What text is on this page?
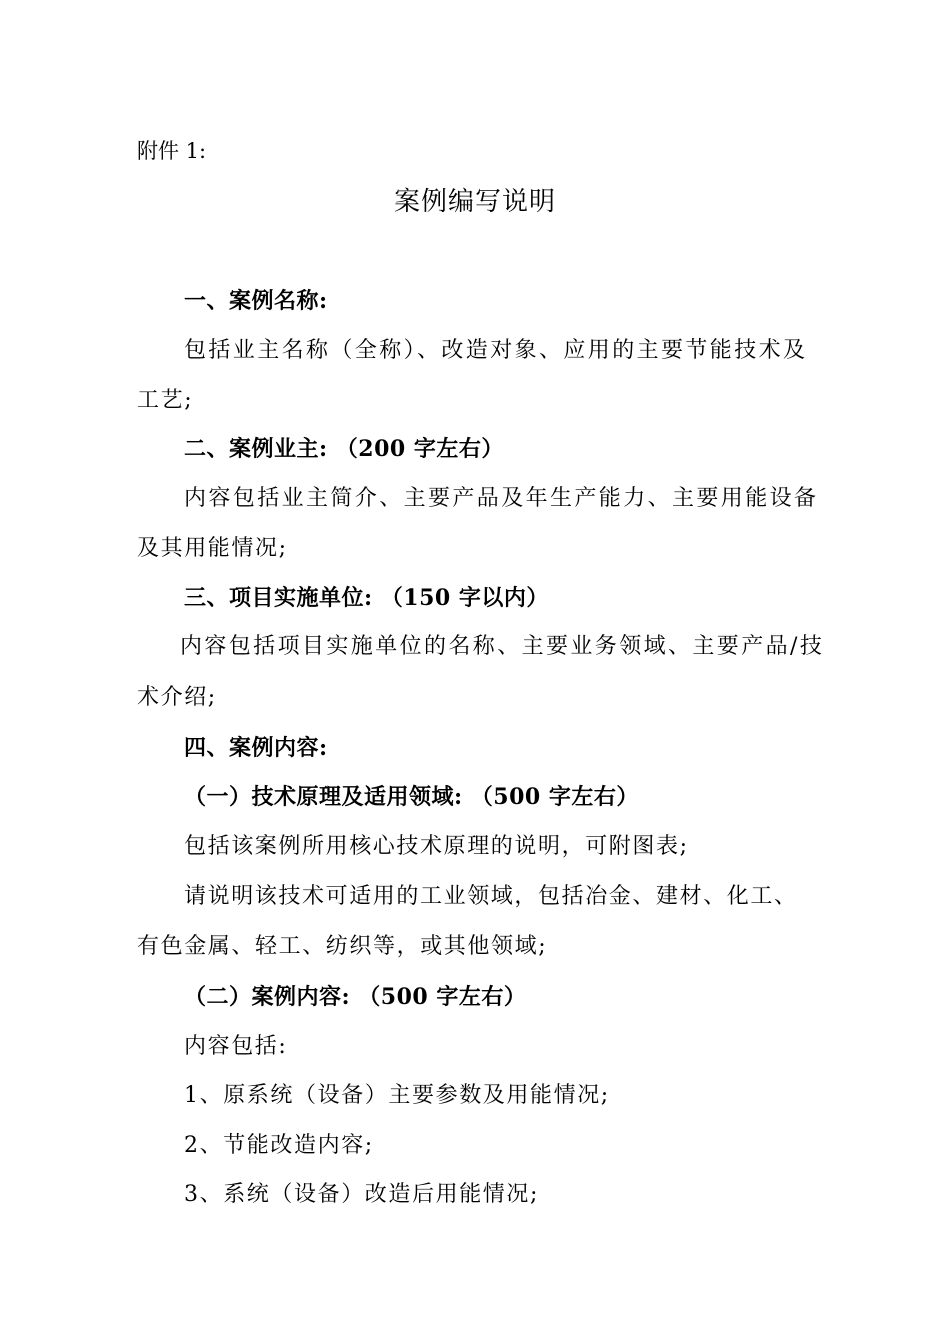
附件 1:
案例编写说明
一、案例名称:
包括业主名称（全称）、改造对象、应用的主要节能技术及
工艺;
二、案例业主: （200 字左右）
内容包括业主简介、主要产品及年生产能力、主要用能设备
及其用能情况;
三、项目实施单位: （150 字以内）
内容包括项目实施单位的名称、主要业务领域、主要产品/技
术介绍;
四、案例内容:
（一）技术原理及适用领域: （500 字左右）
包括该案例所用核心技术原理的说明，可附图表;
请说明该技术可适用的工业领域，包括冶金、建材、化工、
有色金属、轻工、纺织等，或其他领域;
（二）案例内容: （500 字左右）
内容包括:
1、原系统（设备）主要参数及用能情况;
2、节能改造内容;
3、系统（设备）改造后用能情况;
